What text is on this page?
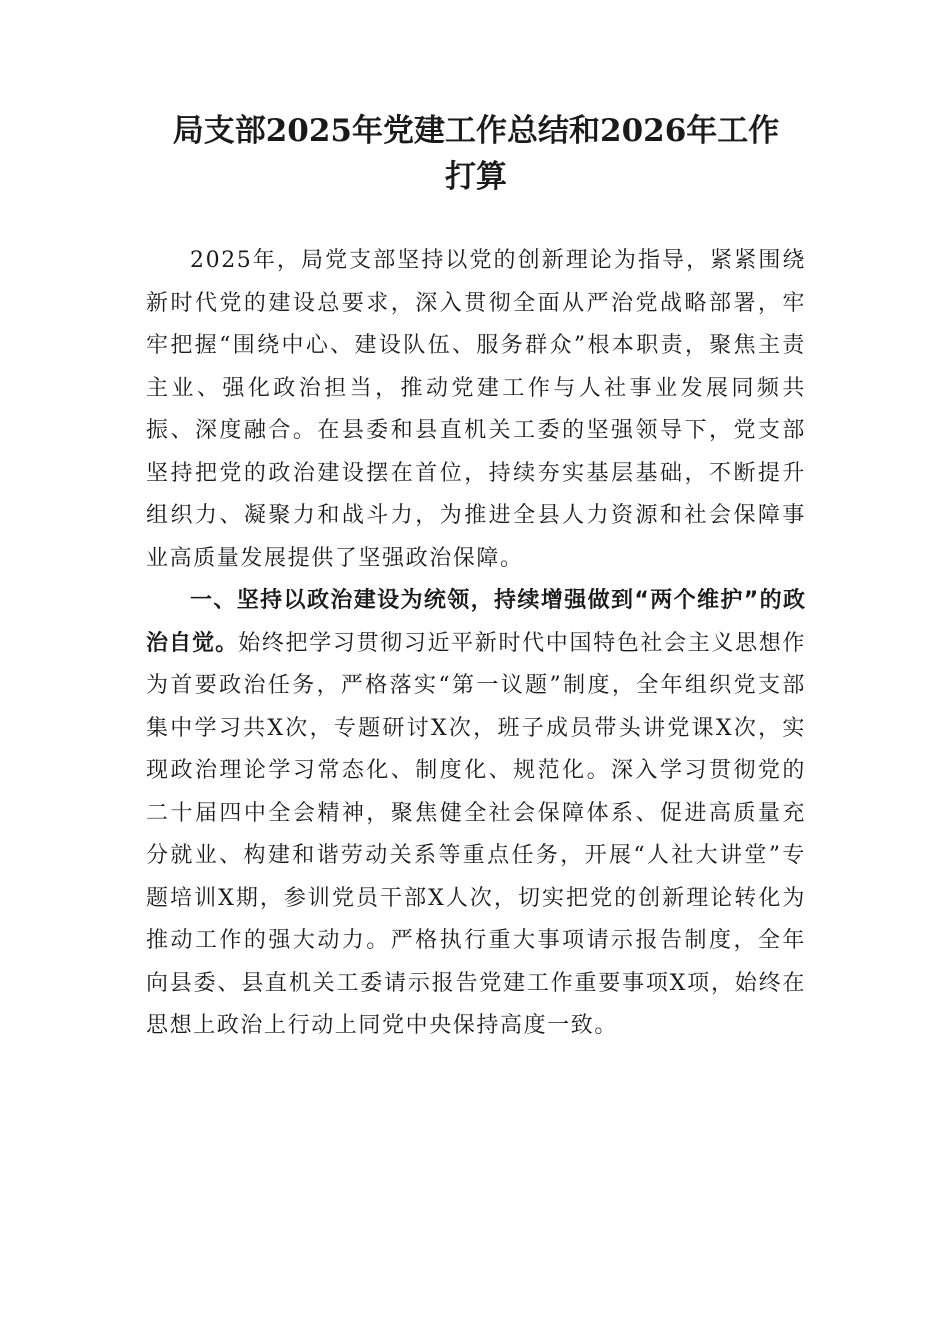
局支部2025年党建工作总结和2026年工作
打算

2025年，局党支部坚持以党的创新理论为指导，紧紧围绕新时代党的建设总要求，深入贯彻全面从严治党战略部署，牢牢把握“围绕中心、建设队伍、服务群众”根本职责，聚焦主责主业、强化政治担当，推动党建工作与人社事业发展同频共振、深度融合。在县委和县直机关工委的坚强领导下，党支部坚持把党的政治建设摆在首位，持续夯实基层基础，不断提升组织力、凝聚力和战斗力，为推进全县人力资源和社会保障事业高质量发展提供了坚强政治保障。

一、坚持以政治建设为统领，持续增强做到“两个维护”的政治自觉。始终把学习贯彻习近平新时代中国特色社会主义思想作为首要政治任务，严格落实“第一议题”制度，全年组织党支部集中学习共X次，专题研讨X次，班子成员带头讲党课X次，实现政治理论学习常态化、制度化、规范化。深入学习贯彻党的二十届四中全会精神，聚焦健全社会保障体系、促进高质量充分就业、构建和谐劳动关系等重点任务，开展“人社大讲堂”专题培训X期，参训党员干部X人次，切实把党的创新理论转化为推动工作的强大动力。严格执行重大事项请示报告制度，全年向县委、县直机关工委请示报告党建工作重要事项X项，始终在思想上政治上行动上同党中央保持高度一致。
